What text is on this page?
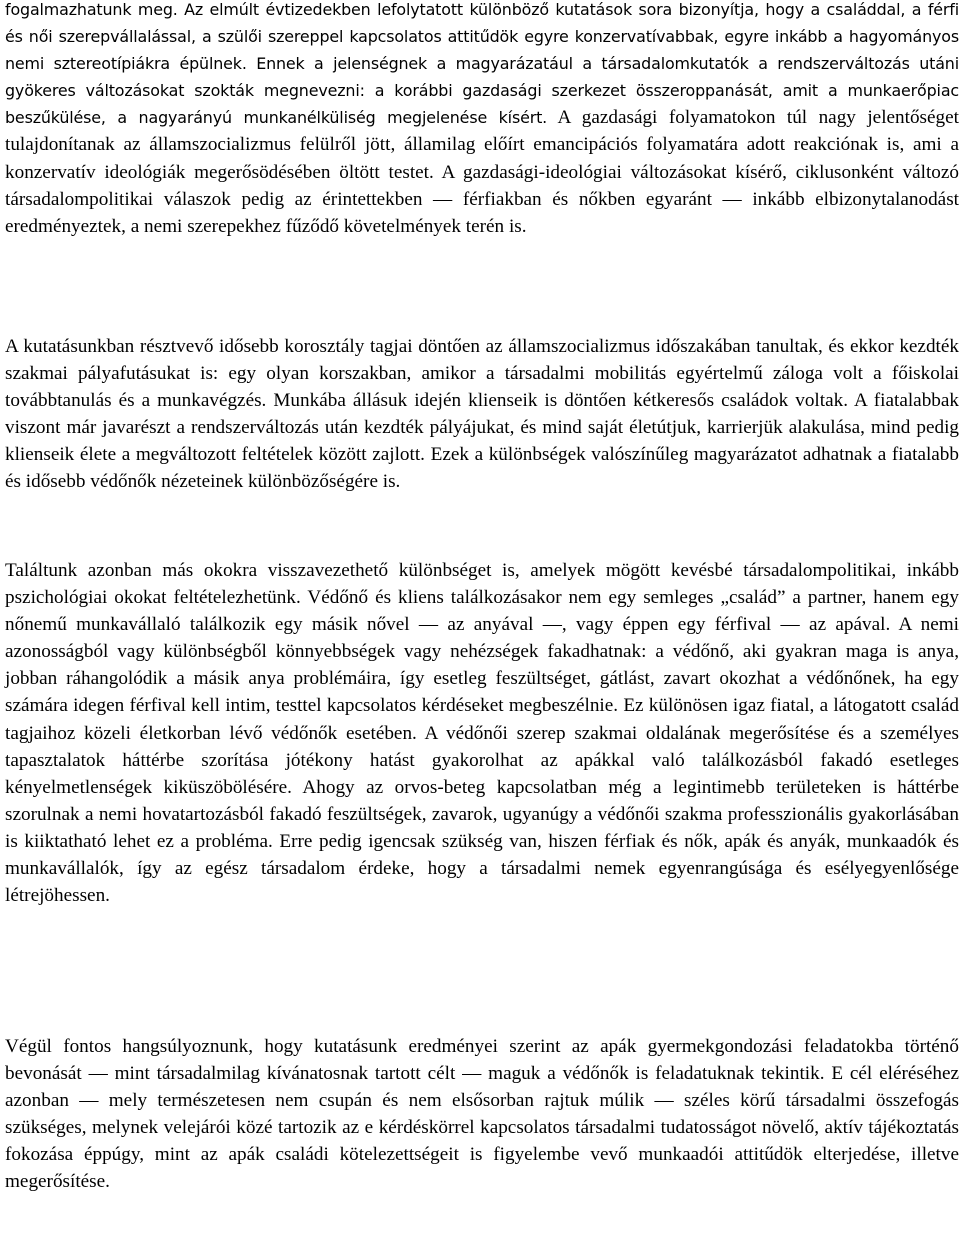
fogalmazhatunk meg. Az elmúlt évtizedekben lefolytatott különböző kutatások sora bizonyítja, hogy a családdal, a férfi és női szerepvállalással, a szülői szereppel kapcsolatos attitűdök egyre konzervatívabbak, egyre inkább a hagyományos nemi sztereotípiákra épülnek. Ennek a jelenségnek a magyarázatául a társadalomkutatók a rendszerváltozás utáni gyökeres változásokat szokták megnevezni: a korábbi gazdasági szerkezet összeroppanását, amit a munkaerőpiac beszűkülése, a nagyarányú munkanélküliség megjelenése kísért. A gazdasági folyamatokon túl nagy jelentőséget tulajdonítanak az államszocializmus felülről jött, államilag előírt emancipációs folyamatára adott reakciónak is, ami a konzervatív ideológiák megerősödésében öltött testet. A gazdasági-ideológiai változásokat kísérő, ciklusonként változó társadalompolitikai válaszok pedig az érintettekben — férfiakban és nőkben egyaránt — inkább elbizonytalanodást eredményeztek, a nemi szerepekhez fűződő követelmények terén is.

A kutatásunkban résztvevő idősebb korosztály tagjai döntően az államszocializmus időszakában tanultak, és ekkor kezdték szakmai pályafutásukat is: egy olyan korszakban, amikor a társadalmi mobilitás egyértelmű záloga volt a főiskolai továbbtanulás és a munkavégzés. Munkába állásuk idején klienseik is döntően kétkeresős családok voltak. A fiatalabbak viszont már javarészt a rendszerváltozás után kezdték pályájukat, és mind saját életútjuk, karrierjük alakulása, mind pedig klienseik élete a megváltozott feltételek között zajlott. Ezek a különbségek valószínűleg magyarázatot adhatnak a fiatalabb és idősebb védőnők nézeteinek különbözőségére is.

Találtunk azonban más okokra visszavezethető különbséget is, amelyek mögött kevésbé társadalompolitikai, inkább pszichológiai okokat feltételezhetünk. Védőnő és kliens találkozásakor nem egy semleges „család” a partner, hanem egy nőnemű munkavállaló találkozik egy másik nővel — az anyával —, vagy éppen egy férfival — az apával. A nemi azonosságból vagy különbségből könnyebbségek vagy nehézségek fakadhatnak: a védőnő, aki gyakran maga is anya, jobban ráhangolódik a másik anya problémáira, így esetleg feszültséget, gátlást, zavart okozhat a védőnőnek, ha egy számára idegen férfival kell intim, testtel kapcsolatos kérdéseket megbeszélnie. Ez különösen igaz fiatal, a látogatott család tagjaihoz közeli életkorban lévő védőnők esetében. A védőnői szerep szakmai oldalának megerősítése és a személyes tapasztalatok háttérbe szorítása jótékony hatást gyakorolhat az apákkal való találkozásból fakadó esetleges kényelmetlenségek kiküszöbölésére. Ahogy az orvos-beteg kapcsolatban még a legintimebb területeken is háttérbe szorulnak a nemi hovatartozásból fakadó feszültségek, zavarok, ugyanúgy a védőnői szakma professzionális gyakorlásában is kiiktatható lehet ez a probléma. Erre pedig igencsak szükség van, hiszen férfiak és nők, apák és anyák, munkaadók és munkavállalók, így az egész társadalom érdeke, hogy a társadalmi nemek egyenrangúsága és esélyegyenlősége létrejöhessen.

Végül fontos hangsúlyoznunk, hogy kutatásunk eredményei szerint az apák gyermekgondozási feladatokba történő bevonását — mint társadalmilag kívánatosnak tartott célt — maguk a védőnők is feladatuknak tekintik. E cél eléréséhez azonban — mely természetesen nem csupán és nem elsősorban rajtuk múlik — széles körű társadalmi összefogás szükséges, melynek velejárói közé tartozik az e kérdéskörrel kapcsolatos társadalmi tudatosságot növelő, aktív tájékoztatás fokozása éppúgy, mint az apák családi kötelezettségeit is figyelembe vevő munkaadói attitűdök elterjedése, illetve megerősítése.
